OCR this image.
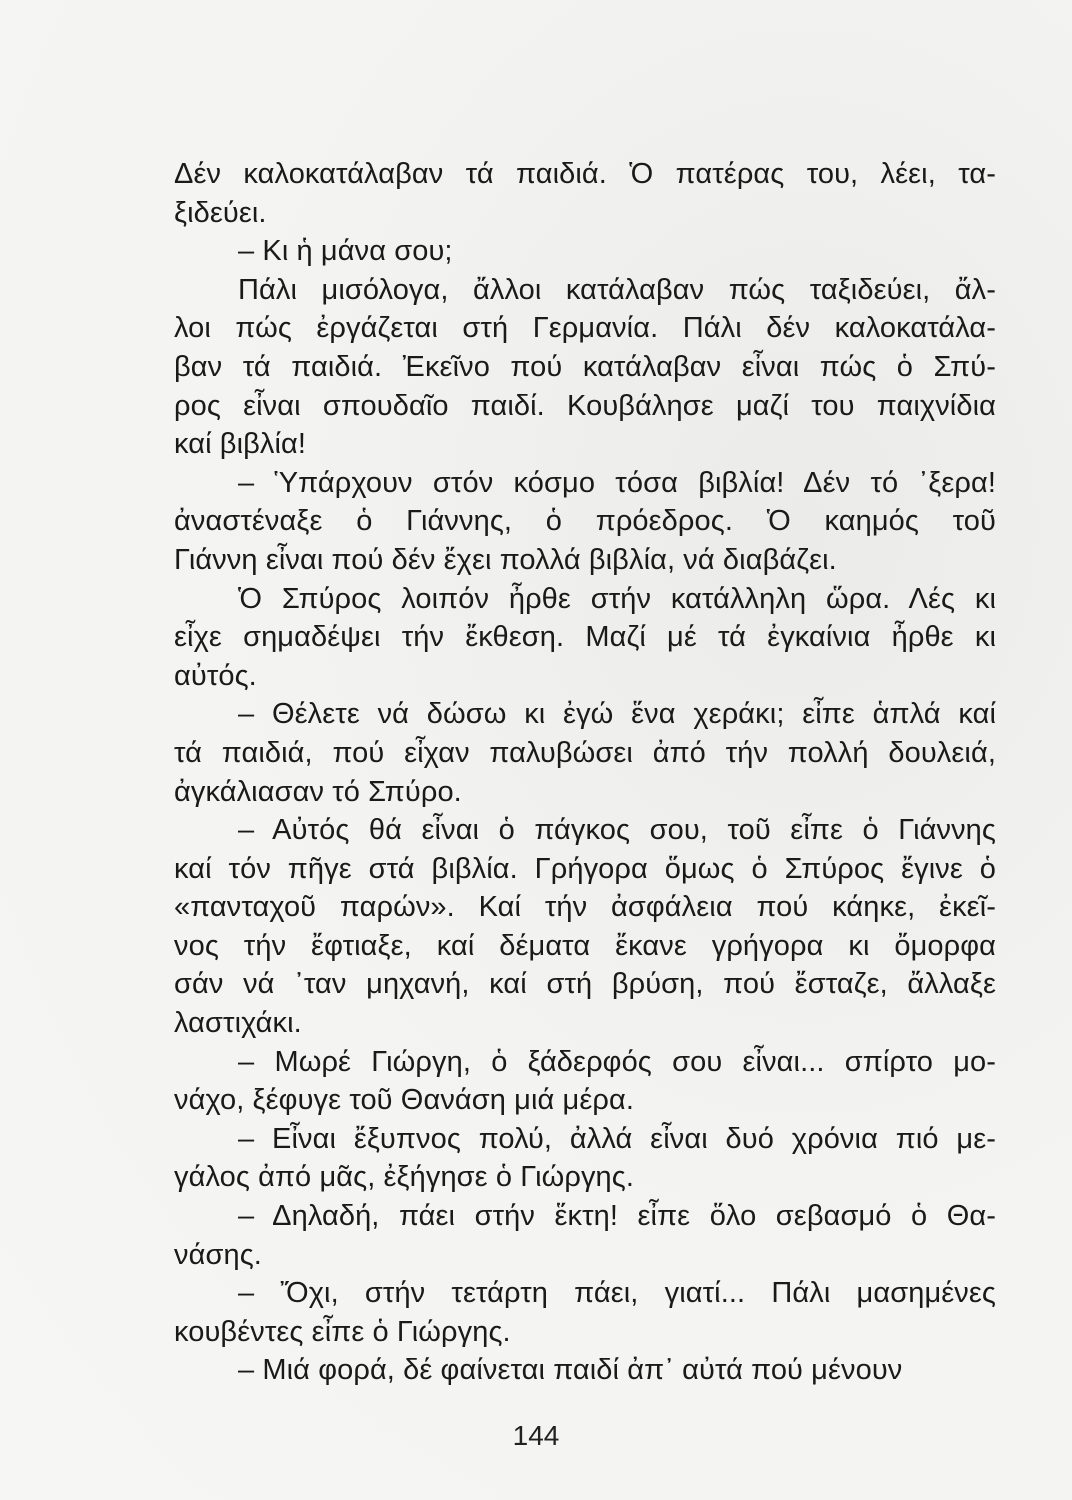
Δέν καλοκατάλαβαν τά παιδιά. Ὁ πατέρας του, λέει, τα-
ξιδεύει.
– Κι ἡ μάνα σου;
Πάλι μισόλογα, ἄλλοι κατάλαβαν πώς ταξιδεύει, ἄλ-
λοι πώς ἐργάζεται στή Γερμανία. Πάλι δέν καλοκατάλα-
βαν τά παιδιά. Ἐκεῖνο πού κατάλαβαν εἶναι πώς ὁ Σπύ-
ρος εἶναι σπουδαῖο παιδί. Κουβάλησε μαζί του παιχνίδια
καί βιβλία!
– Ὑπάρχουν στόν κόσμο τόσα βιβλία! Δέν τό ᾿ξερα!
ἀναστέναξε ὁ Γιάννης, ὁ πρόεδρος. Ὁ καημός τοῦ
Γιάννη εἶναι πού δέν ἔχει πολλά βιβλία, νά διαβάζει.
Ὁ Σπύρος λοιπόν ἦρθε στήν κατάλληλη ὥρα. Λές κι
εἶχε σημαδέψει τήν ἔκθεση. Μαζί μέ τά ἐγκαίνια ἦρθε κι
αὐτός.
– Θέλετε νά δώσω κι ἐγώ ἕνα χεράκι; εἶπε ἁπλά καί
τά παιδιά, πού εἶχαν παλυβώσει ἀπό τήν πολλή δουλειά,
ἀγκάλιασαν τό Σπύρο.
– Αὐτός θά εἶναι ὁ πάγκος σου, τοῦ εἶπε ὁ Γιάννης
καί τόν πῆγε στά βιβλία. Γρήγορα ὅμως ὁ Σπύρος ἔγινε ὁ
«πανταχοῦ παρών». Καί τήν ἀσφάλεια πού κάηκε, ἐκεῖ-
νος τήν ἔφτιαξε, καί δέματα ἔκανε γρήγορα κι ὄμορφα
σάν νά ᾿ταν μηχανή, καί στή βρύση, πού ἔσταζε, ἄλλαξε
λαστιχάκι.
– Μωρέ Γιώργη, ὁ ξάδερφός σου εἶναι... σπίρτο μο-
νάχο, ξέφυγε τοῦ Θανάση μιά μέρα.
– Εἶναι ἔξυπνος πολύ, ἀλλά εἶναι δυό χρόνια πιό με-
γάλος ἀπό μᾶς, ἐξήγησε ὁ Γιώργης.
– Δηλαδή, πάει στήν ἕκτη! εἶπε ὅλο σεβασμό ὁ Θα-
νάσης.
– Ὄχι, στήν τετάρτη πάει, γιατί... Πάλι μασημένες
κουβέντες εἶπε ὁ Γιώργης.
– Μιά φορά, δέ φαίνεται παιδί ἀπ᾿ αὐτά πού μένουν
144
